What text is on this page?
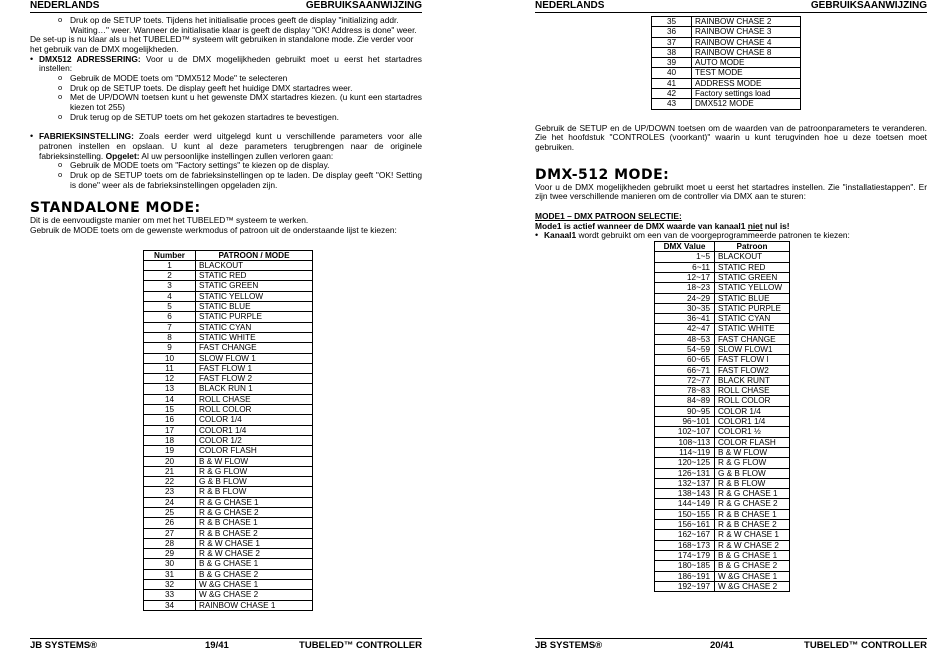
NEDERLANDS	GEBRUIKSAANWIJZING

o Druk op de SETUP toets. Tijdens het initialisatie proces geeft de display "initializing addr. Waiting…" weer. Wanneer de initialisatie klaar is geeft de display "OK! Address is done" weer.

De set-up is nu klaar als u het TUBELED™ systeem wilt gebruiken in standalone mode. Zie verder voor het gebruik van de DMX mogelijkheden.

• DMX512 ADRESSERING: Voor u de DMX mogelijkheden gebruikt moet u eerst het startadres instellen:

o Gebruik de MODE toets om "DMX512 Mode" te selecteren

o Druk op de SETUP toets. De display geeft het huidige DMX startadres weer.

o Met de UP/DOWN toetsen kunt u het gewenste DMX startadres kiezen. (u kunt een startadres kiezen tot 255)

o Druk terug op de SETUP toets om het gekozen startadres te bevestigen.

• FABRIEKSINSTELLING: Zoals eerder werd uitgelegd kunt u verschillende parameters voor alle patronen instellen en opslaan. U kunt al deze parameters terugbrengen naar de originele fabrieksinstelling. Opgelet: Al uw persoonlijke instellingen zullen verloren gaan:

o Gebruik de MODE toets om "Factory settings" te kiezen op de display.

o Druk op de SETUP toets om de fabrieksinstellingen op te laden. De display geeft "OK! Setting is done" weer als de fabrieksinstellingen opgeladen zijn.

STANDALONE MODE:

Dit is de eenvoudigste manier om met het TUBELED™ systeem te werken.

Gebruik de MODE toets om de gewenste werkmodus of patroon uit de onderstaande lijst te kiezen:

Number	PATROON / MODE
1	BLACKOUT
2	STATIC RED
3	STATIC GREEN
4	STATIC YELLOW
5	STATIC BLUE
6	STATIC PURPLE
7	STATIC CYAN
8	STATIC WHITE
9	FAST CHANGE
10	SLOW FLOW 1
11	FAST FLOW 1
12	FAST FLOW 2
13	BLACK RUN 1
14	ROLL CHASE
15	ROLL COLOR
16	COLOR 1/4
17	COLOR1 1/4
18	COLOR 1/2
19	COLOR FLASH
20	B & W FLOW
21	R & G FLOW
22	G & B FLOW
23	R & B FLOW
24	R & G CHASE 1
25	R & G CHASE 2
26	R & B CHASE 1
27	R & B CHASE 2
28	R & W CHASE 1
29	R & W CHASE 2
30	B & G CHASE 1
31	B & G CHASE 2
32	W &G CHASE 1
33	W &G CHASE 2
34	RAINBOW CHASE 1
JB SYSTEMS®	19/41	TUBELED™ CONTROLLER
NEDERLANDS	GEBRUIKSAANWIJZING
35	RAINBOW CHASE 2
36	RAINBOW CHASE 3
37	RAINBOW CHASE 4
38	RAINBOW CHASE 8
39	AUTO MODE
40	TEST MODE
41	ADDRESS MODE
42	Factory settings load
43	DMX512 MODE

Gebruik de SETUP en de UP/DOWN toetsen om de waarden van de patroonparameters te veranderen. Zie het hoofdstuk "CONTROLES (voorkant)" waarin u kunt terugvinden hoe u deze toetsen moet gebruiken.

DMX-512 MODE:

Voor u de DMX mogelijkheden gebruikt moet u eerst het startadres instellen. Zie "installatiestappen". Er zijn twee verschillende manieren om de controller via DMX aan te sturen:

MODE1 – DMX PATROON SELECTIE:

Mode1 is actief wanneer de DMX waarde van kanaal1 niet nul is!

• Kanaal1 wordt gebruikt om een van de voorgeprogrammeerde patronen te kiezen:

DMX Value	Patroon
1~5	BLACKOUT
6~11	STATIC RED
12~17	STATIC GREEN
18~23	STATIC YELLOW
24~29	STATIC BLUE
30~35	STATIC PURPLE
36~41	STATIC CYAN
42~47	STATIC WHITE
48~53	FAST CHANGE
54~59	SLOW FLOW1
60~65	FAST FLOW I
66~71	FAST FLOW2
72~77	BLACK RUNT
78~83	ROLL CHASE
84~89	ROLL COLOR
90~95	COLOR 1/4
96~101	COLOR1 1/4
102~107	COLOR1 ½
108~113	COLOR FLASH
114~119	B & W FLOW
120~125	R & G FLOW
126~131	G & B FLOW
132~137	R & B FLOW
138~143	R & G CHASE 1
144~149	R & G CHASE 2
150~155	R & B CHASE 1
156~161	R & B CHASE 2
162~167	R & W CHASE 1
168~173	R & W CHASE 2
174~179	B & G CHASE 1
180~185	B & G CHASE 2
186~191	W &G CHASE 1
192~197	W &G CHASE 2
JB SYSTEMS®	20/41	TUBELED™ CONTROLLER
